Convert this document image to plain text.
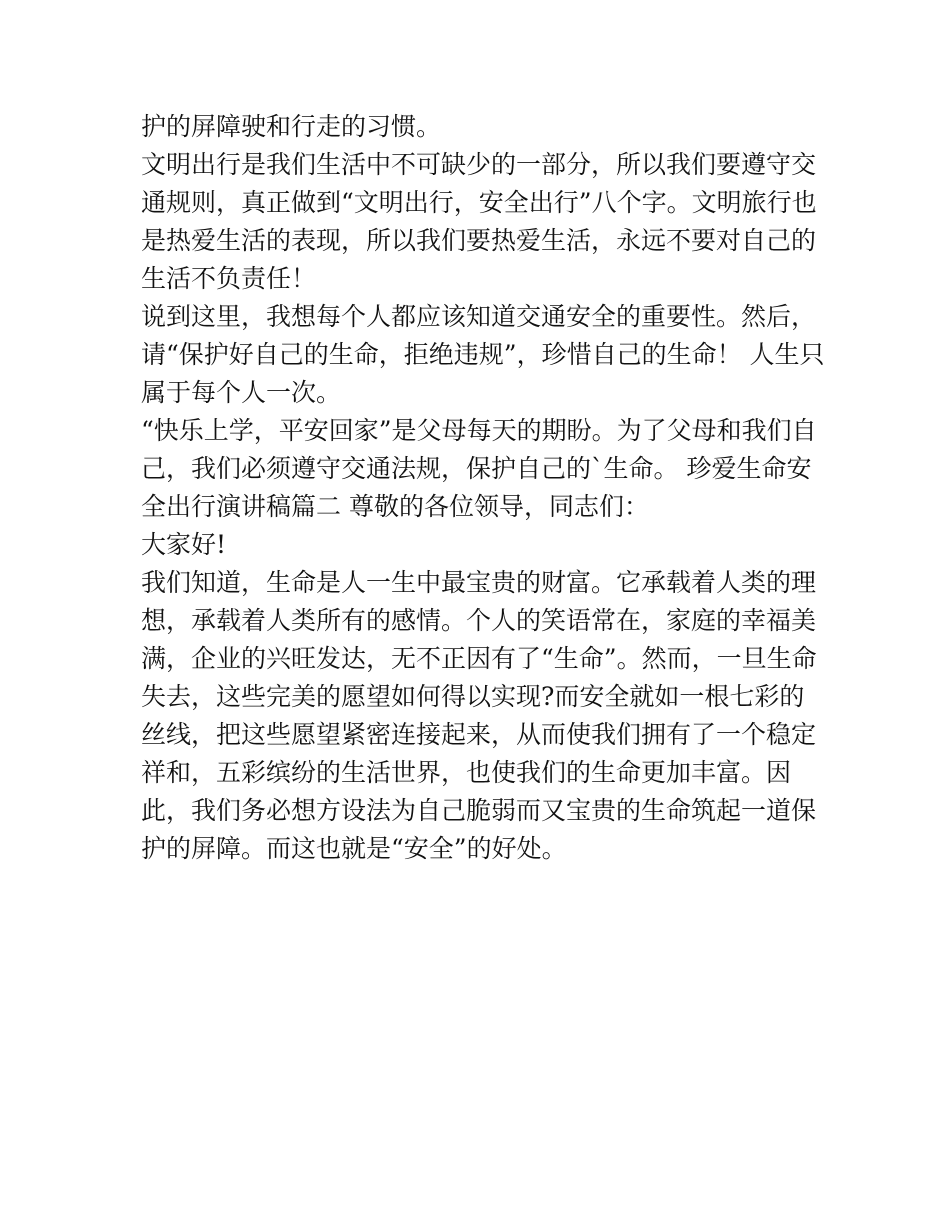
护的屏障驶和行走的习惯。
文明出行是我们生活中不可缺少的一部分，所以我们要遵守交
通规则，真正做到“文明出行，安全出行”八个字。文明旅行也
是热爱生活的表现，所以我们要热爱生活，永远不要对自己的
生活不负责任！
说到这里，我想每个人都应该知道交通安全的重要性。然后，
请“保护好自己的生命，拒绝违规”，珍惜自己的生命！ 人生只
属于每个人一次。
“快乐上学，平安回家”是父母每天的期盼。为了父母和我们自
己，我们必须遵守交通法规，保护自己的`生命。 珍爱生命安
全出行演讲稿篇二 尊敬的各位领导，同志们：
大家好!
我们知道，生命是人一生中最宝贵的财富。它承载着人类的理
想，承载着人类所有的感情。个人的笑语常在，家庭的幸福美
满，企业的兴旺发达，无不正因有了“生命”。然而，一旦生命
失去，这些完美的愿望如何得以实现?而安全就如一根七彩的
丝线，把这些愿望紧密连接起来，从而使我们拥有了一个稳定
祥和，五彩缤纷的生活世界，也使我们的生命更加丰富。因
此，我们务必想方设法为自己脆弱而又宝贵的生命筑起一道保
护的屏障。而这也就是“安全”的好处。
